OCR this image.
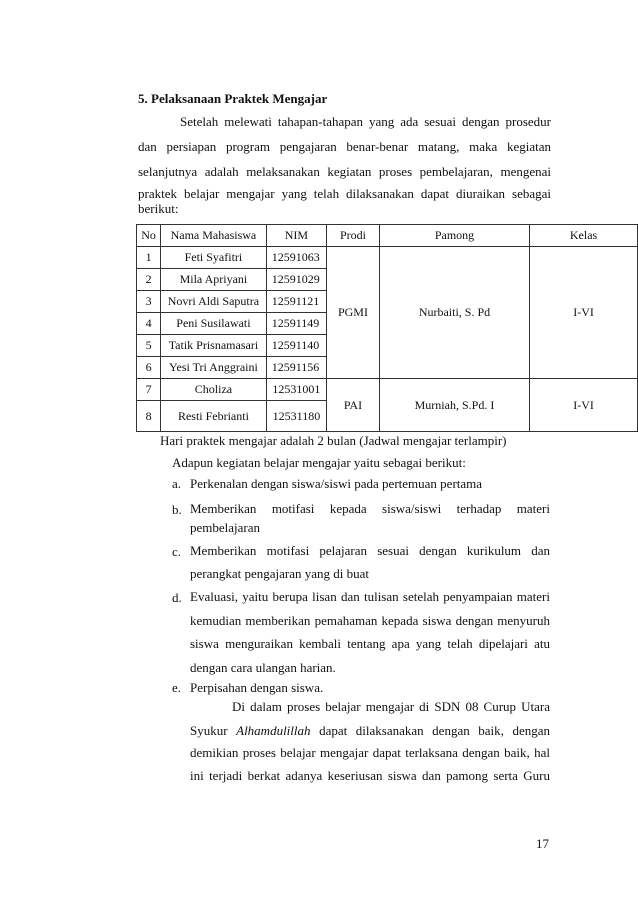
5. Pelaksanaan Praktek Mengajar
Setelah melewati tahapan-tahapan yang ada sesuai dengan prosedur
dan persiapan program pengajaran benar-benar matang, maka kegiatan
selanjutnya adalah melaksanakan kegiatan proses pembelajaran, mengenai
praktek belajar mengajar yang telah dilaksanakan dapat diuraikan sebagai
berikut:
No	Nama Mahasiswa	NIM	Prodi	Pamong	Kelas
1	Feti Syafitri	12591063	PGMI	Nurbaiti, S. Pd	I-VI
2	Mila Apriyani	12591029			
3	Novri Aldi Saputra	12591121			
4	Peni Susilawati	12591149			
5	Tatik Prisnamasari	12591140			
6	Yesi Tri Anggraini	12591156			
7	Choliza	12531001	PAI	Murniah, S.Pd. I	I-VI
8	Resti Febrianti	12531180			
Hari praktek mengajar adalah 2 bulan (Jadwal mengajar terlampir)
Adapun kegiatan belajar mengajar yaitu sebagai berikut:
a. Perkenalan dengan siswa/siswi pada pertemuan pertama
b. Memberikan motifasi kepada siswa/siswi terhadap materi
pembelajaran
c. Memberikan motifasi pelajaran sesuai dengan kurikulum dan
perangkat pengajaran yang di buat
d. Evaluasi, yaitu berupa lisan dan tulisan setelah penyampaian materi
kemudian memberikan pemahaman kepada siswa dengan menyuruh
siswa menguraikan kembali tentang apa yang telah dipelajari atu
dengan cara ulangan harian.
e. Perpisahan dengan siswa.
Di dalam proses belajar mengajar di SDN 08 Curup Utara
Syukur Alhamdulillah dapat dilaksanakan dengan baik, dengan
demikian proses belajar mengajar dapat terlaksana dengan baik, hal
ini terjadi berkat adanya keseriusan siswa dan pamong serta Guru
17
